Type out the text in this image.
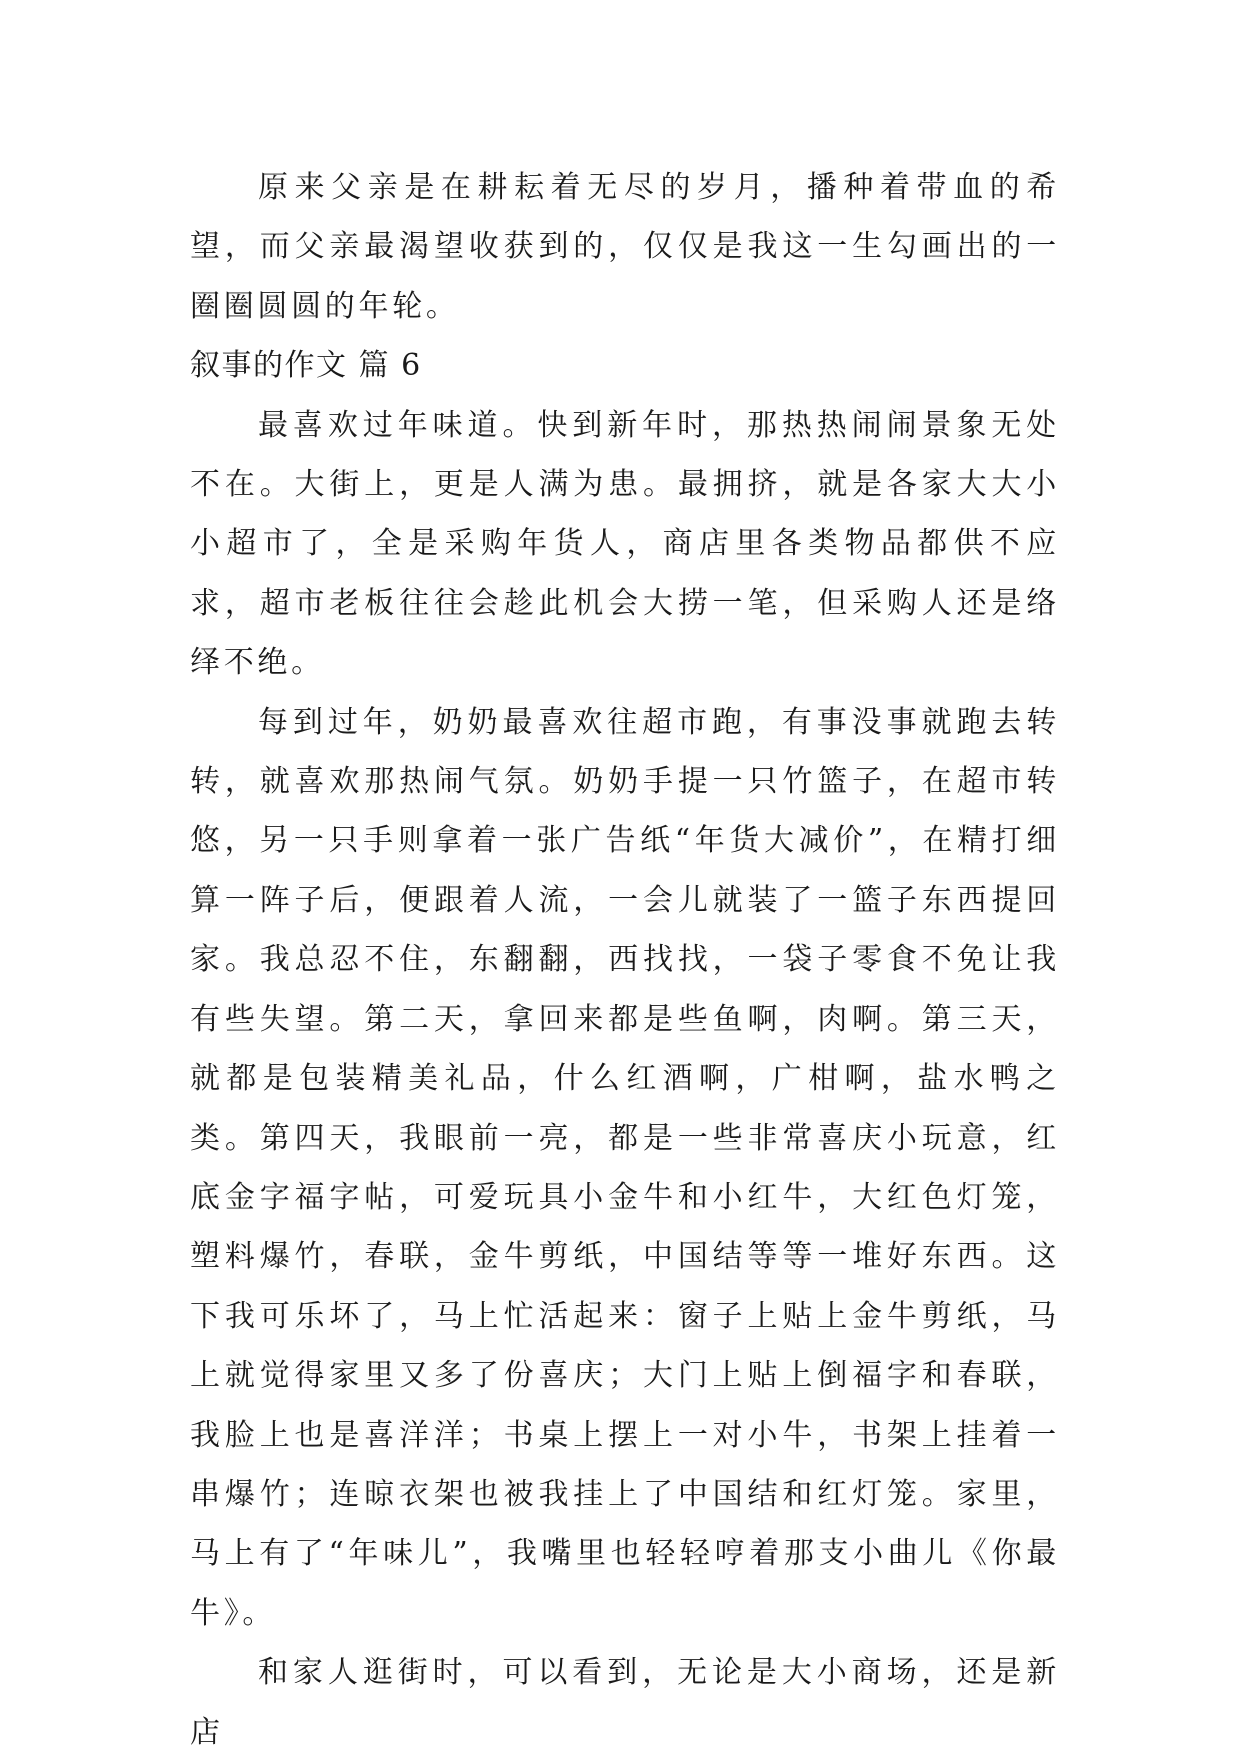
原来父亲是在耕耘着无尽的岁月，播种着带血的希望，而父亲最渴望收获到的，仅仅是我这一生勾画出的一圈圈圆圆的年轮。

叙事的作文 篇 6

最喜欢过年味道。快到新年时，那热热闹闹景象无处不在。大街上，更是人满为患。最拥挤，就是各家大大小小超市了，全是采购年货人，商店里各类物品都供不应求，超市老板往往会趁此机会大捞一笔，但采购人还是络绎不绝。

每到过年，奶奶最喜欢往超市跑，有事没事就跑去转转，就喜欢那热闹气氛。奶奶手提一只竹篮子，在超市转悠，另一只手则拿着一张广告纸“年货大减价”，在精打细算一阵子后，便跟着人流，一会儿就装了一篮子东西提回家。我总忍不住，东翻翻，西找找，一袋子零食不免让我有些失望。第二天，拿回来都是些鱼啊，肉啊。第三天，就都是包装精美礼品，什么红酒啊，广柑啊，盐水鸭之类。第四天，我眼前一亮，都是一些非常喜庆小玩意，红底金字福字帖，可爱玩具小金牛和小红牛，大红色灯笼，塑料爆竹，春联，金牛剪纸，中国结等等一堆好东西。这下我可乐坏了，马上忙活起来：窗子上贴上金牛剪纸，马上就觉得家里又多了份喜庆；大门上贴上倒福字和春联，我脸上也是喜洋洋；书桌上摆上一对小牛，书架上挂着一串爆竹；连晾衣架也被我挂上了中国结和红灯笼。家里，马上有了“年味儿”，我嘴里也轻轻哼着那支小曲儿《你最牛》。

和家人逛街时，可以看到，无论是大小商场，还是新店
